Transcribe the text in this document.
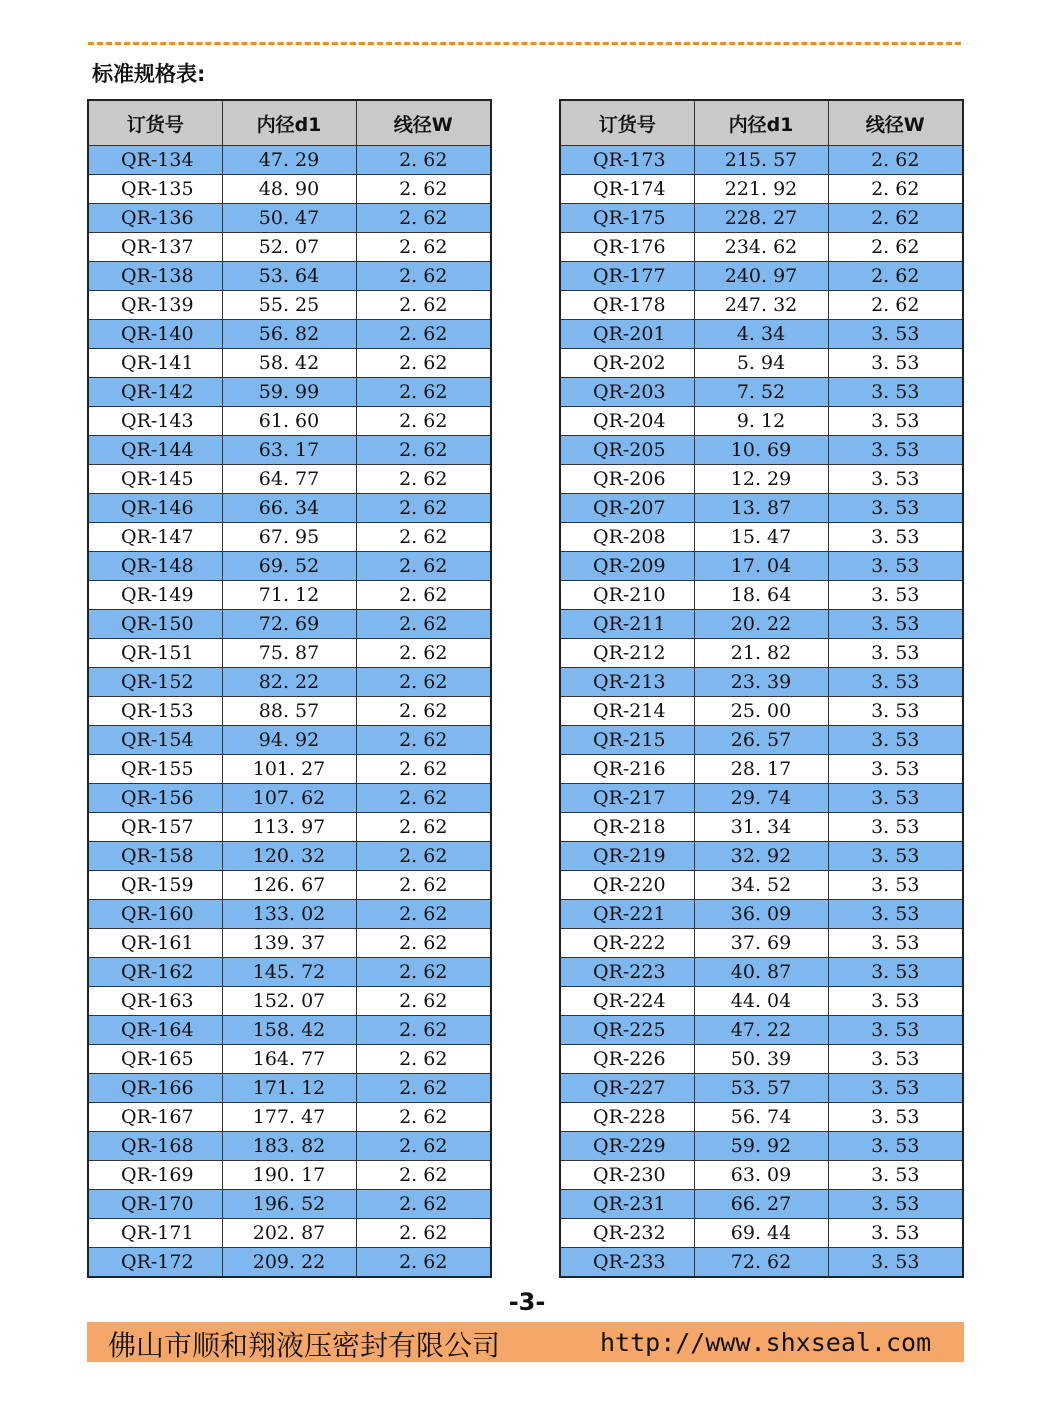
标准规格表:
订货号	内径d1	线径W
QR-134	47. 29	2. 62
QR-135	48. 90	2. 62
QR-136	50. 47	2. 62
QR-137	52. 07	2. 62
QR-138	53. 64	2. 62
QR-139	55. 25	2. 62
QR-140	56. 82	2. 62
QR-141	58. 42	2. 62
QR-142	59. 99	2. 62
QR-143	61. 60	2. 62
QR-144	63. 17	2. 62
QR-145	64. 77	2. 62
QR-146	66. 34	2. 62
QR-147	67. 95	2. 62
QR-148	69. 52	2. 62
QR-149	71. 12	2. 62
QR-150	72. 69	2. 62
QR-151	75. 87	2. 62
QR-152	82. 22	2. 62
QR-153	88. 57	2. 62
QR-154	94. 92	2. 62
QR-155	101. 27	2. 62
QR-156	107. 62	2. 62
QR-157	113. 97	2. 62
QR-158	120. 32	2. 62
QR-159	126. 67	2. 62
QR-160	133. 02	2. 62
QR-161	139. 37	2. 62
QR-162	145. 72	2. 62
QR-163	152. 07	2. 62
QR-164	158. 42	2. 62
QR-165	164. 77	2. 62
QR-166	171. 12	2. 62
QR-167	177. 47	2. 62
QR-168	183. 82	2. 62
QR-169	190. 17	2. 62
QR-170	196. 52	2. 62
QR-171	202. 87	2. 62
QR-172	209. 22	2. 62
订货号	内径d1	线径W
QR-173	215. 57	2. 62
QR-174	221. 92	2. 62
QR-175	228. 27	2. 62
QR-176	234. 62	2. 62
QR-177	240. 97	2. 62
QR-178	247. 32	2. 62
QR-201	4. 34	3. 53
QR-202	5. 94	3. 53
QR-203	7. 52	3. 53
QR-204	9. 12	3. 53
QR-205	10. 69	3. 53
QR-206	12. 29	3. 53
QR-207	13. 87	3. 53
QR-208	15. 47	3. 53
QR-209	17. 04	3. 53
QR-210	18. 64	3. 53
QR-211	20. 22	3. 53
QR-212	21. 82	3. 53
QR-213	23. 39	3. 53
QR-214	25. 00	3. 53
QR-215	26. 57	3. 53
QR-216	28. 17	3. 53
QR-217	29. 74	3. 53
QR-218	31. 34	3. 53
QR-219	32. 92	3. 53
QR-220	34. 52	3. 53
QR-221	36. 09	3. 53
QR-222	37. 69	3. 53
QR-223	40. 87	3. 53
QR-224	44. 04	3. 53
QR-225	47. 22	3. 53
QR-226	50. 39	3. 53
QR-227	53. 57	3. 53
QR-228	56. 74	3. 53
QR-229	59. 92	3. 53
QR-230	63. 09	3. 53
QR-231	66. 27	3. 53
QR-232	69. 44	3. 53
QR-233	72. 62	3. 53
-3-
佛山市顺和翔液压密封有限公司	http://www.shxseal.com
